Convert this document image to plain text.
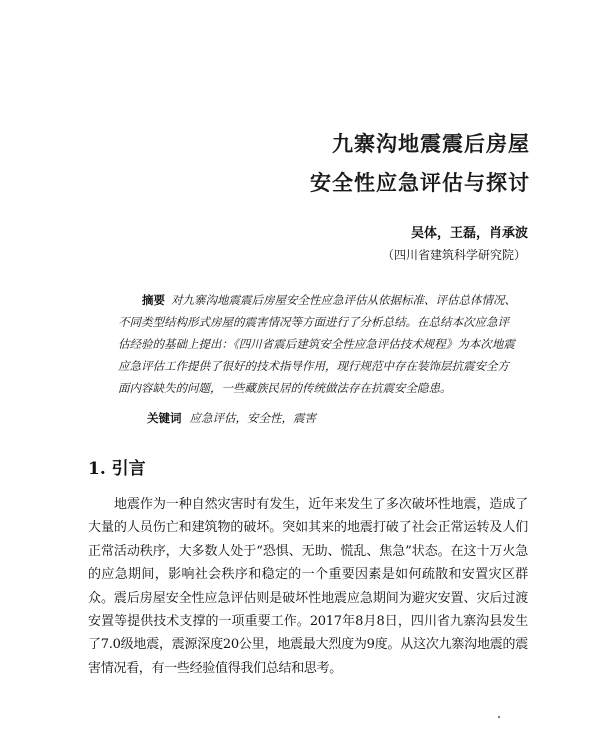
九寨沟地震震后房屋
安全性应急评估与探讨
吴体，王磊，肖承波
（四川省建筑科学研究院）

摘要 对九寨沟地震震后房屋安全性应急评估从依据标准、评估总体情况、不同类型结构形式房屋的震害情况等方面进行了分析总结。在总结本次应急评估经验的基础上提出：《四川省震后建筑安全性应急评估技术规程》为本次地震应急评估工作提供了很好的技术指导作用，现行规范中存在装饰层抗震安全方面内容缺失的问题，一些藏族民居的传统做法存在抗震安全隐患。

关键词 应急评估，安全性，震害
1. 引言

地震作为一种自然灾害时有发生，近年来发生了多次破坏性地震，造成了大量的人员伤亡和建筑物的破坏。突如其来的地震打破了社会正常运转及人们正常活动秩序，大多数人处于“恐惧、无助、慌乱、焦急”状态。在这十万火急的应急期间，影响社会秩序和稳定的一个重要因素是如何疏散和安置灾区群众。震后房屋安全性应急评估则是破坏性地震应急期间为避灾安置、灾后过渡安置等提供技术支撑的一项重要工作。2017年8月8日，四川省九寨沟县发生了7.0级地震，震源深度20公里，地震最大烈度为9度。从这次九寨沟地震的震害情况看，有一些经验值得我们总结和思考。
